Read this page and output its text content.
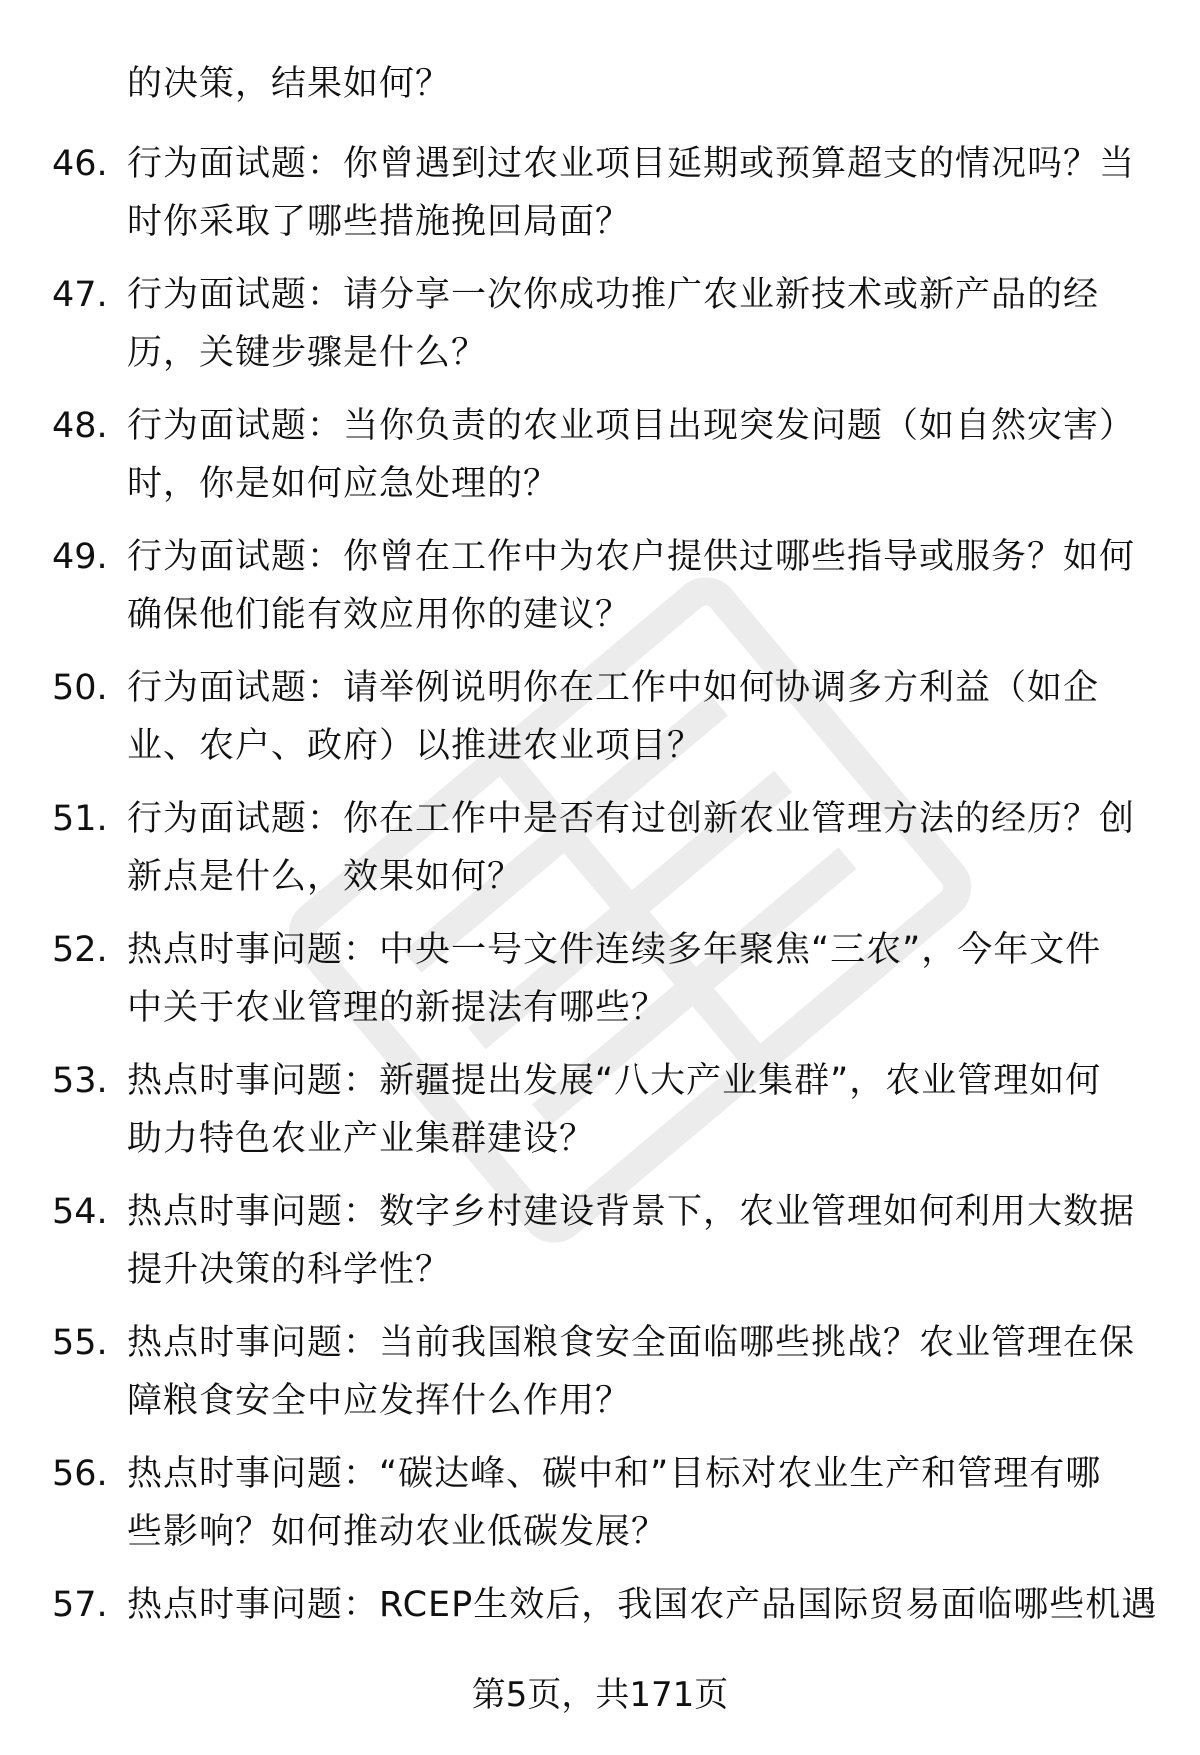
的决策，结果如何？
46. 行为面试题：你曾遇到过农业项目延期或预算超支的情况吗？当
时你采取了哪些措施挽回局面？
47. 行为面试题：请分享一次你成功推广农业新技术或新产品的经
历，关键步骤是什么？
48. 行为面试题：当你负责的农业项目出现突发问题（如自然灾害）
时，你是如何应急处理的？
49. 行为面试题：你曾在工作中为农户提供过哪些指导或服务？如何
确保他们能有效应用你的建议？
50. 行为面试题：请举例说明你在工作中如何协调多方利益（如企
业、农户、政府）以推进农业项目？
51. 行为面试题：你在工作中是否有过创新农业管理方法的经历？创
新点是什么，效果如何？
52. 热点时事问题：中央一号文件连续多年聚焦“三农”，今年文件
中关于农业管理的新提法有哪些？
53. 热点时事问题：新疆提出发展“八大产业集群”，农业管理如何
助力特色农业产业集群建设？
54. 热点时事问题：数字乡村建设背景下，农业管理如何利用大数据
提升决策的科学性？
55. 热点时事问题：当前我国粮食安全面临哪些挑战？农业管理在保
障粮食安全中应发挥什么作用？
56. 热点时事问题：“碳达峰、碳中和”目标对农业生产和管理有哪
些影响？如何推动农业低碳发展？
57. 热点时事问题：RCEP生效后，我国农产品国际贸易面临哪些机遇
第5页，共171页
